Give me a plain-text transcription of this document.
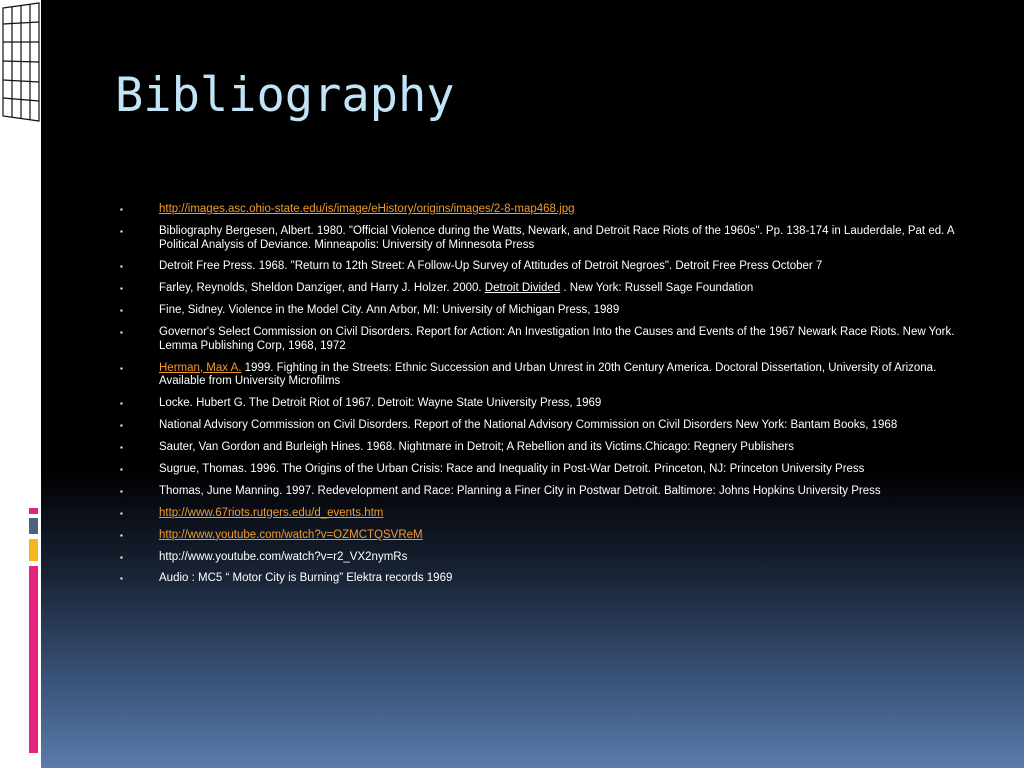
Bibliography
▪	http://images.asc.ohio-state.edu/is/image/eHistory/origins/images/2-8-map468.jpg
▪	Bibliography Bergesen, Albert. 1980. "Official Violence during the Watts, Newark, and Detroit Race Riots of the 1960s". Pp. 138-174 in Lauderdale, Pat ed. A Political Analysis of Deviance. Minneapolis: University of Minnesota Press
▪	Detroit Free Press. 1968. "Return to 12th Street: A Follow-Up Survey of Attitudes of Detroit Negroes". Detroit Free Press October 7
▪	Farley, Reynolds, Sheldon Danziger, and Harry J. Holzer. 2000. Detroit Divided . New York: Russell Sage Foundation
▪	Fine, Sidney. Violence in the Model City. Ann Arbor, MI: University of Michigan Press, 1989
▪	Governor's Select Commission on Civil Disorders. Report for Action: An Investigation Into the Causes and Events of the 1967 Newark Race Riots. New York. Lemma Publishing Corp, 1968, 1972
▪	Herman, Max A. 1999. Fighting in the Streets: Ethnic Succession and Urban Unrest in 20th Century America. Doctoral Dissertation, University of Arizona. Available from University Microfilms
▪	Locke. Hubert G. The Detroit Riot of 1967. Detroit: Wayne State University Press, 1969
▪	National Advisory Commission on Civil Disorders. Report of the National Advisory Commission on Civil Disorders New York: Bantam Books, 1968
▪	Sauter, Van Gordon and Burleigh Hines. 1968. Nightmare in Detroit; A Rebellion and its Victims.Chicago: Regnery Publishers
▪	Sugrue, Thomas. 1996. The Origins of the Urban Crisis: Race and Inequality in Post-War Detroit. Princeton, NJ: Princeton University Press
▪	Thomas, June Manning. 1997. Redevelopment and Race: Planning a Finer City in Postwar Detroit. Baltimore: Johns Hopkins University Press
▪	http://www.67riots.rutgers.edu/d_events.htm
▪	http://www.youtube.com/watch?v=OZMCTQSVReM
▪	http://www.youtube.com/watch?v=r2_VX2nymRs
▪	Audio : MC5 “ Motor City is Burning” Elektra records 1969
